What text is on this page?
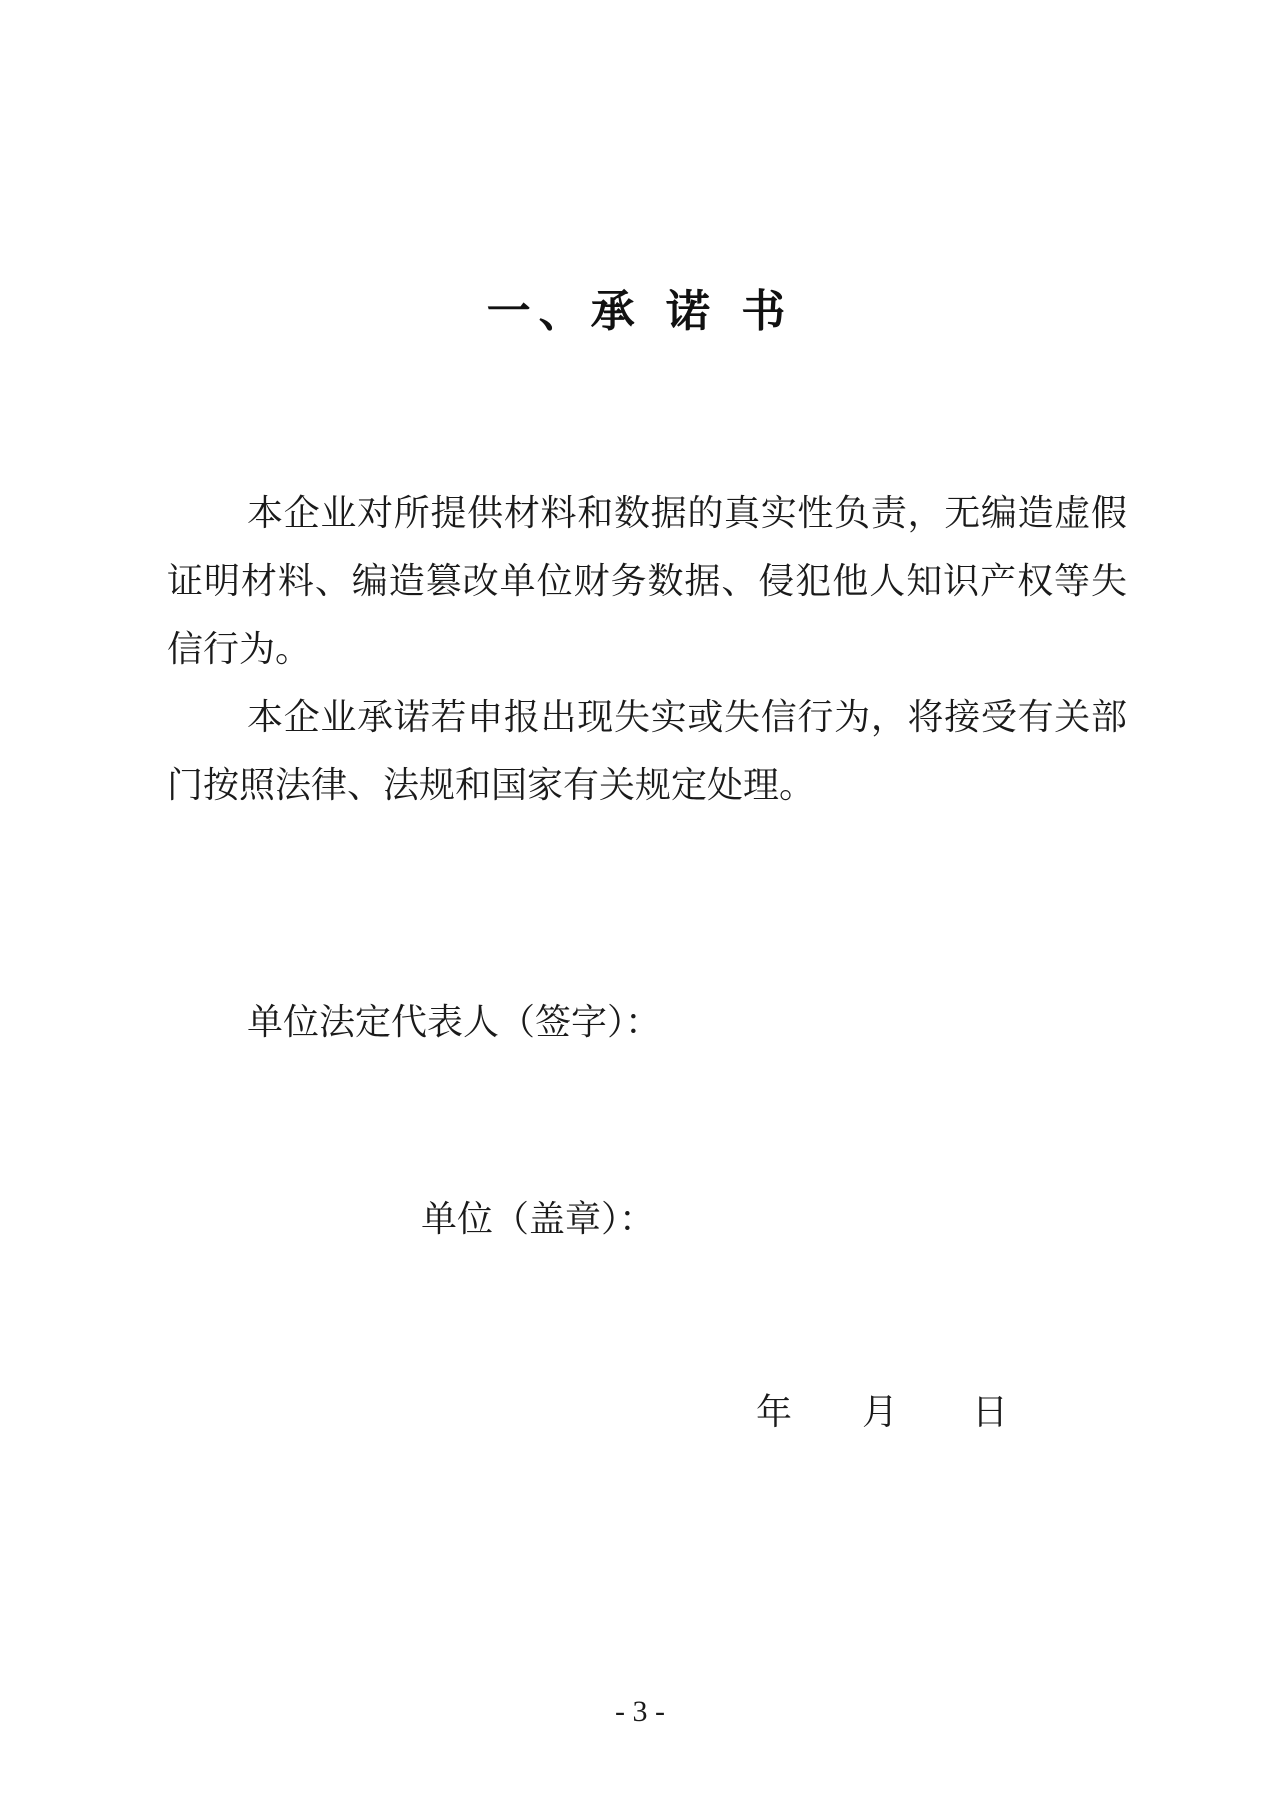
一、承 诺 书

本企业对所提供材料和数据的真实性负责，无编造虚假证明材料、编造篡改单位财务数据、侵犯他人知识产权等失信行为。

本企业承诺若申报出现失实或失信行为，将接受有关部门按照法律、法规和国家有关规定处理。

单位法定代表人（签字）：
单位（盖章）：
年	月	日
- 3 -
